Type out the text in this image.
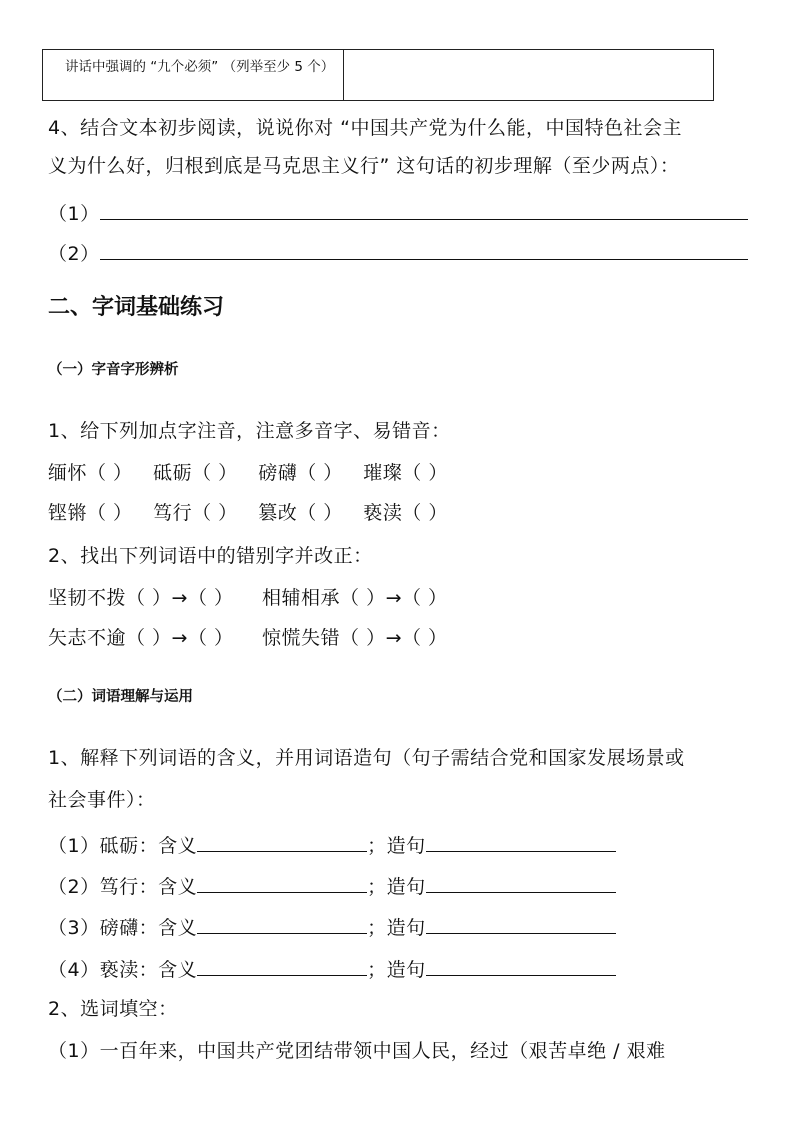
讲话中强调的 “九个必须” （列举至少 5 个）
4、结合文本初步阅读，说说你对 “中国共产党为什么能，中国特色社会主
义为什么好，归根到底是马克思主义行” 这句话的初步理解（至少两点）：
（1）
（2）
二、字词基础练习
（一）字音字形辨析
1、给下列加点字注音，注意多音字、易错音：
缅怀（ ） 砥砺（ ） 磅礴（ ） 璀璨（ ）
铿锵（ ） 笃行（ ） 篡改（ ） 亵渎（ ）
2、找出下列词语中的错别字并改正：
坚韧不拨（ ）→（ ） 相辅相承（ ）→（ ）
矢志不逾（ ）→（ ） 惊慌失错（ ）→（ ）
（二）词语理解与运用
1、解释下列词语的含义，并用词语造句（句子需结合党和国家发展场景或
社会事件）：
（1）砥砺：含义	；造句
（2）笃行：含义	；造句
（3）磅礴：含义	；造句
（4）亵渎：含义	；造句
2、选词填空：
（1）一百年来，中国共产党团结带领中国人民，经过（艰苦卓绝 / 艰难
